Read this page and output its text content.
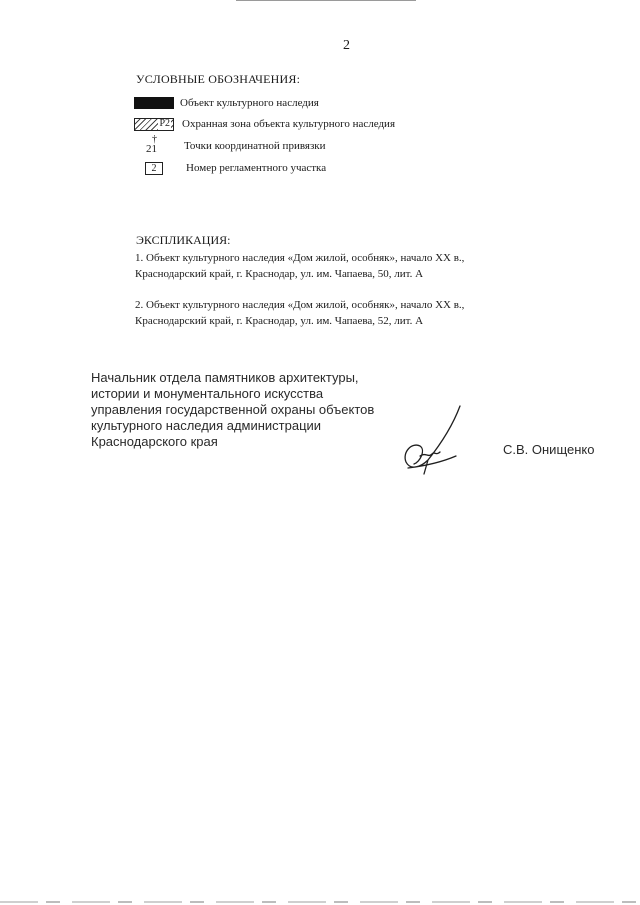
2
УСЛОВНЫЕ ОБОЗНАЧЕНИЯ:
Объект культурного наследия
Р2 Охранная зона объекта культурного наследия
†
21 Точки координатной привязки
2	Номер регламентного участка
ЭКСПЛИКАЦИЯ:
1. Объект культурного наследия «Дом жилой, особняк», начало XX в.,
Краснодарский край, г. Краснодар, ул. им. Чапаева, 50, лит. А
2. Объект культурного наследия «Дом жилой, особняк», начало XX в.,
Краснодарский край, г. Краснодар, ул. им. Чапаева, 52, лит. А
Начальник отдела памятников архитектуры,
истории и монументального искусства
управления государственной охраны объектов
культурного наследия администрации
Краснодарского края
С.В. Онищенко
